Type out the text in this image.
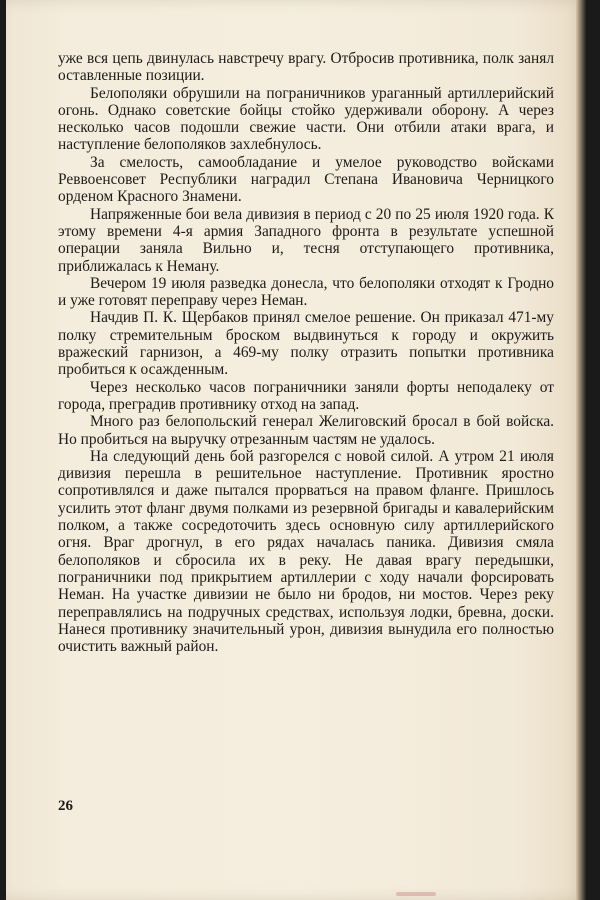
уже вся цепь двинулась навстречу врагу. Отбросив противника, полк занял оставленные позиции.

Белополяки обрушили на пограничников ураганный артиллерийский огонь. Однако советские бойцы стойко удерживали оборону. А через несколько часов подошли свежие части. Они отбили атаки врага, и наступление белополяков захлебнулось.

За смелость, самообладание и умелое руководство войсками Реввоенсовет Республики наградил Степана Ивановича Черницкого орденом Красного Знамени.

Напряженные бои вела дивизия в период с 20 по 25 июля 1920 года. К этому времени 4-я армия Западного фронта в результате успешной операции заняла Вильно и, тесня отступающего противника, приближалась к Неману.

Вечером 19 июля разведка донесла, что белополяки отходят к Гродно и уже готовят переправу через Неман.

Начдив П. К. Щербаков принял смелое решение. Он приказал 471-му полку стремительным броском выдвинуться к городу и окружить вражеский гарнизон, а 469-му полку отразить попытки противника пробиться к осажденным.

Через несколько часов пограничники заняли форты неподалеку от города, преградив противнику отход на запад.

Много раз белопольский генерал Желиговский бросал в бой войска. Но пробиться на выручку отрезанным частям не удалось.

На следующий день бой разгорелся с новой силой. А утром 21 июля дивизия перешла в решительное наступление. Противник яростно сопротивлялся и даже пытался прорваться на правом фланге. Пришлось усилить этот фланг двумя полками из резервной бригады и кавалерийским полком, а также сосредоточить здесь основную силу артиллерийского огня. Враг дрогнул, в его рядах началась паника. Дивизия смяла белополяков и сбросила их в реку. Не давая врагу передышки, пограничники под прикрытием артиллерии с ходу начали форсировать Неман. На участке дивизии не было ни бродов, ни мостов. Через реку переправлялись на подручных средствах, используя лодки, бревна, доски. Нанеся противнику значительный урон, дивизия вынудила его полностью очистить важный район.

26
